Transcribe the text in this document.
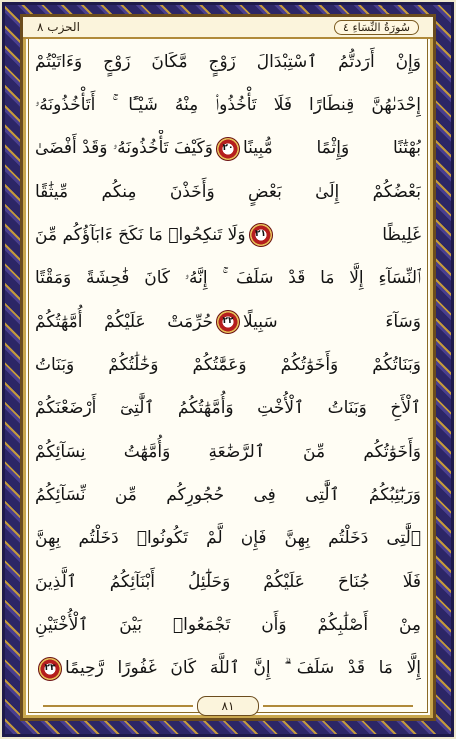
الحزب ٨	سُورَةُ النِّسَاءِ ٤
وَإِنْ أَرَدتُّمُ ٱسْتِبْدَالَ زَوْجٍ مَّكَانَ زَوْجٍ وَءَاتَيْتُمْ
إِحْدَىٰهُنَّ قِنطَارًا فَلَا تَأْخُذُوا۟ مِنْهُ شَيْـًٔا ۚ أَتَأْخُذُونَهُۥ
بُهْتَٰنًا وَإِثْمًا مُّبِينًا
٢٠
وَكَيْفَ تَأْخُذُونَهُۥ وَقَدْ أَفْضَىٰ
بَعْضُكُمْ إِلَىٰ بَعْضٍ وَأَخَذْنَ مِنكُم مِّيثَٰقًا
غَلِيظًا
٢١
وَلَا تَنكِحُوا۟ مَا نَكَحَ ءَابَآؤُكُم مِّنَ
ٱلنِّسَآءِ إِلَّا مَا قَدْ سَلَفَ ۚ إِنَّهُۥ كَانَ فَٰحِشَةً وَمَقْتًا
وَسَآءَ سَبِيلًا
٢٢
حُرِّمَتْ عَلَيْكُمْ أُمَّهَٰتُكُمْ
وَبَنَاتُكُمْ وَأَخَوَٰتُكُمْ وَعَمَّٰتُكُمْ وَخَٰلَٰتُكُمْ وَبَنَاتُ
ٱلْأَخِ وَبَنَاتُ ٱلْأُخْتِ وَأُمَّهَٰتُكُمُ ٱلَّٰتِىٓ أَرْضَعْنَكُمْ
وَأَخَوَٰتُكُم مِّنَ ٱلرَّضَٰعَةِ وَأُمَّهَٰتُ نِسَآئِكُمْ
وَرَبَٰٓئِبُكُمُ ٱلَّٰتِى فِى حُجُورِكُم مِّن نِّسَآئِكُمُ
ٱلَّٰتِى دَخَلْتُم بِهِنَّ فَإِن لَّمْ تَكُونُوا۟ دَخَلْتُم بِهِنَّ
فَلَا جُنَاحَ عَلَيْكُمْ وَحَلَٰٓئِلُ أَبْنَآئِكُمُ ٱلَّذِينَ
مِنْ أَصْلَٰبِكُمْ وَأَن تَجْمَعُوا۟ بَيْنَ ٱلْأُخْتَيْنِ
إِلَّا مَا قَدْ سَلَفَ ۗ إِنَّ ٱللَّهَ كَانَ غَفُورًا رَّحِيمًا
٢٣
٨١
